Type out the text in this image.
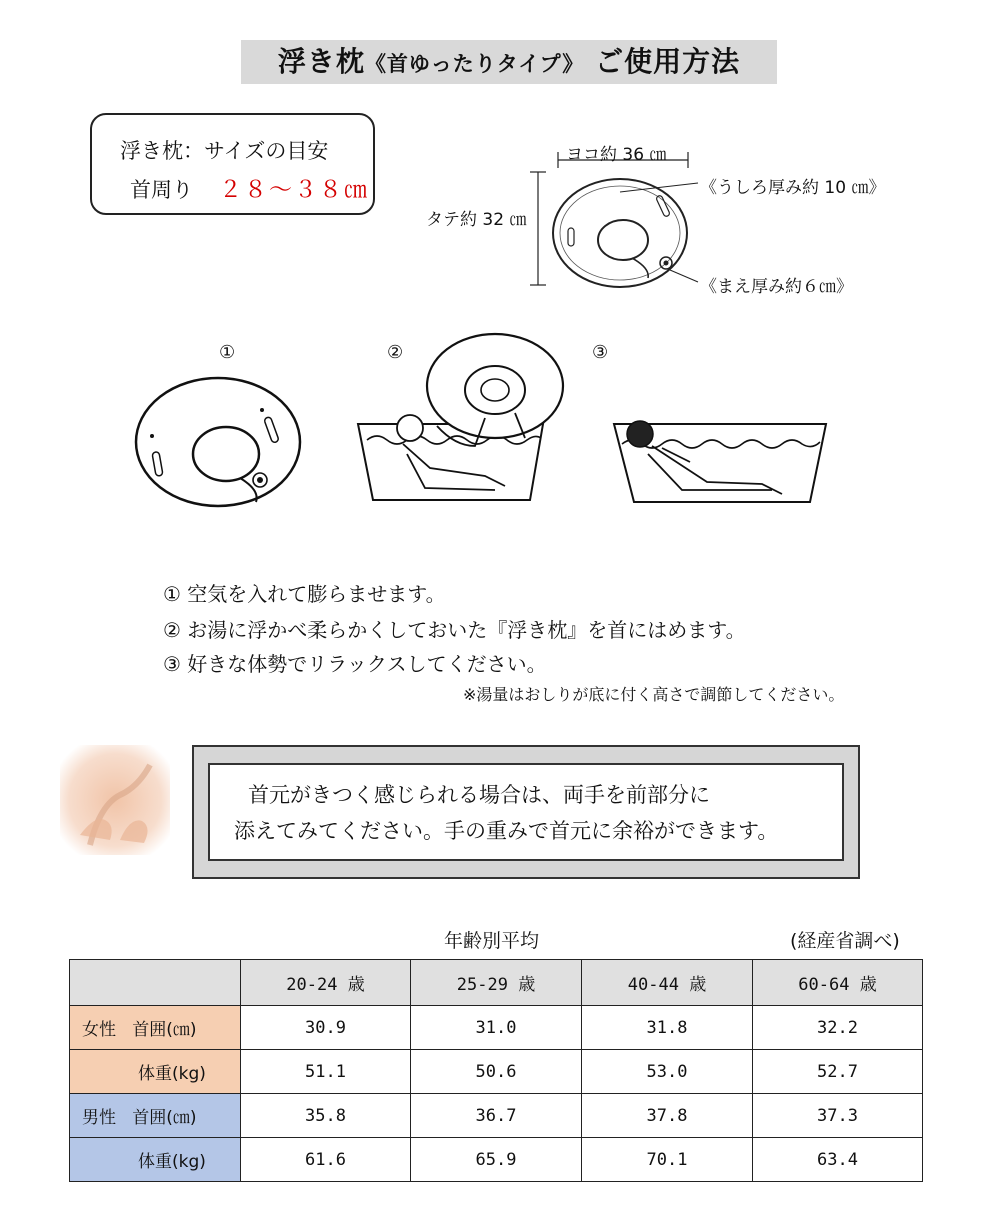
浮き枕《首ゆったりタイプ》 ご使用方法
浮き枕：サイズの目安
首周り ２８～３８㎝
ヨコ約 36 ㎝
タテ約 32 ㎝
《うしろ厚み約 10 ㎝》
《まえ厚み約６㎝》
①	②	③
① 空気を入れて膨らませます。
② お湯に浮かべ柔らかくしておいた『浮き枕』を首にはめます。
③ 好きな体勢でリラックスしてください。
※湯量はおしりが底に付く高さで調節してください。
首元がきつく感じられる場合は、両手を前部分に
添えてみてください。手の重みで首元に余裕ができます。
年齢別平均	(経産省調べ)
	20-24 歳	25-29 歳	40-44 歳	60-64 歳
女性 首囲(㎝)	30.9	31.0	31.8	32.2
体重(kg)	51.1	50.6	53.0	52.7
男性 首囲(㎝)	35.8	36.7	37.8	37.3
体重(kg)	61.6	65.9	70.1	63.4
